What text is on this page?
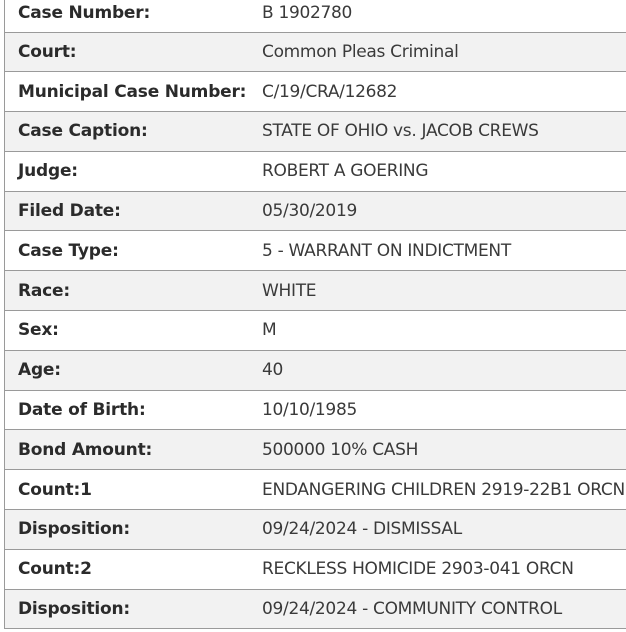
Case Number:	B 1902780
Court:	Common Pleas Criminal
Municipal Case Number:	C/19/CRA/12682
Case Caption:	STATE OF OHIO vs. JACOB CREWS
Judge:	ROBERT A GOERING
Filed Date:	05/30/2019
Case Type:	5 - WARRANT ON INDICTMENT
Race:	WHITE
Sex:	M
Age:	40
Date of Birth:	10/10/1985
Bond Amount:	500000 10% CASH
Count:1	ENDANGERING CHILDREN 2919-22B1 ORCN
Disposition:	09/24/2024 - DISMISSAL
Count:2	RECKLESS HOMICIDE 2903-041 ORCN
Disposition:	09/24/2024 - COMMUNITY CONTROL
